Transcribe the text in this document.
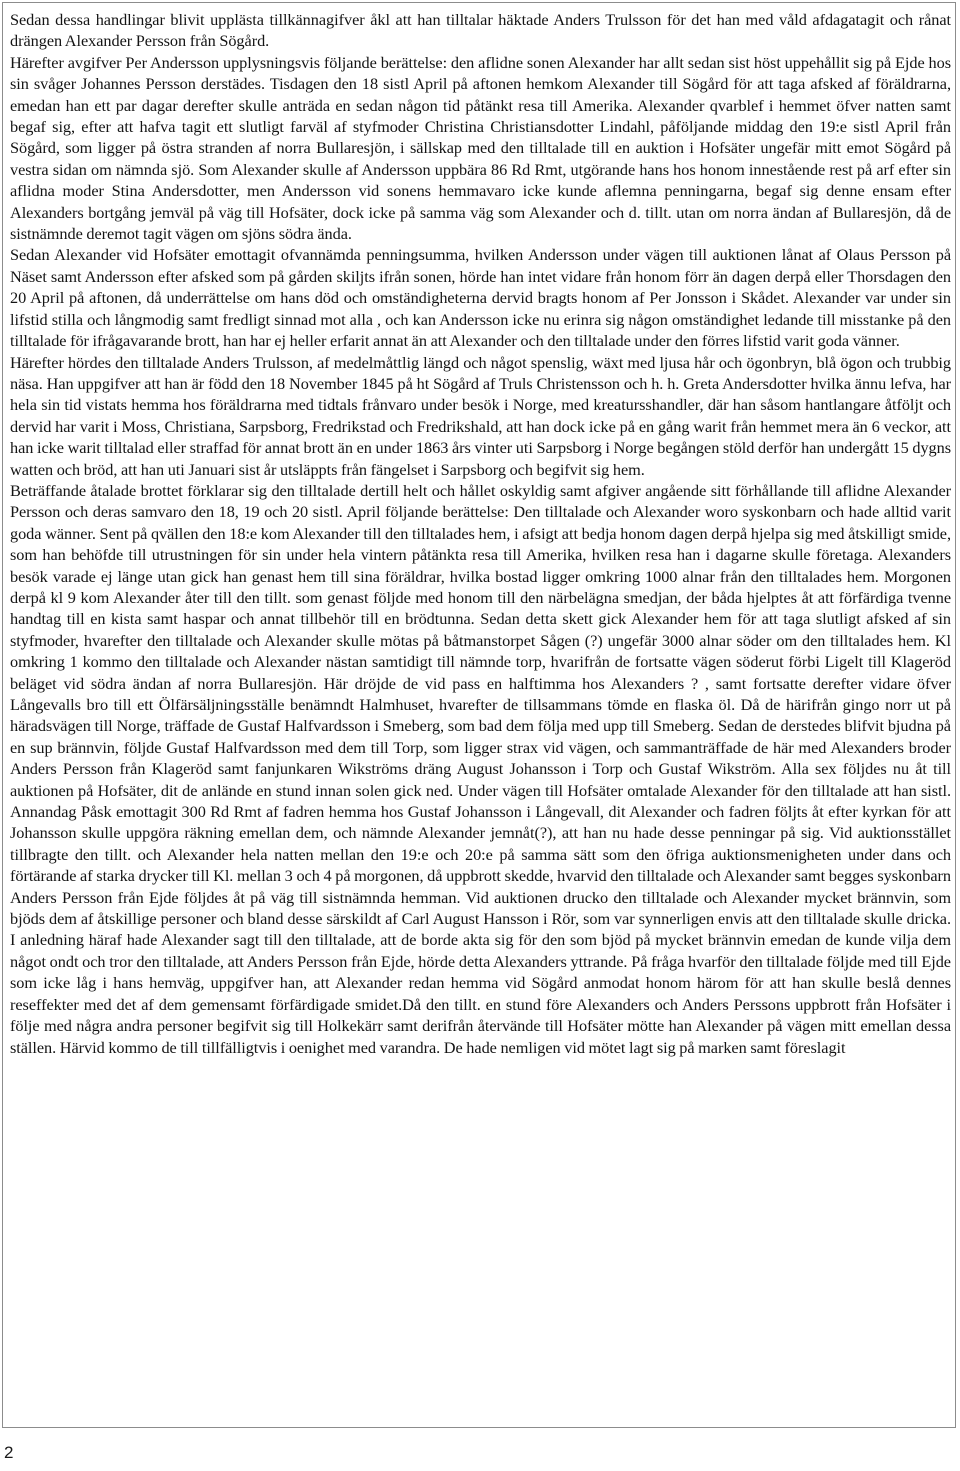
Sedan dessa handlingar blivit upplästa tillkännagifver åkl att han tilltalar häktade Anders Trulsson för det han med våld afdagatagit och rånat drängen Alexander Persson från Sögård.

Härefter avgifver Per Andersson upplysningsvis följande berättelse: den aflidne sonen Alexander har allt sedan sist höst uppehållit sig på Ejde hos sin svåger Johannes Persson derstädes. Tisdagen den 18 sistl April på aftonen hemkom Alexander till Sögård för att taga afsked af föräldrarna, emedan han ett par dagar derefter skulle anträda en sedan någon tid påtänkt resa till Amerika. Alexander qvarblef i hemmet öfver natten samt begaf sig, efter att hafva tagit ett slutligt farväl af styfmoder Christina Christiansdotter Lindahl, påföljande middag den 19:e sistl April från Sögård, som ligger på östra stranden af norra Bullaresjön, i sällskap med den tilltalade till en auktion i Hofsäter ungefär mitt emot Sögård på vestra sidan om nämnda sjö. Som Alexander skulle af Andersson uppbära 86 Rd Rmt, utgörande hans hos honom innestående rest på arf efter sin aflidna moder Stina Andersdotter, men Andersson vid sonens hemmavaro icke kunde aflemna penningarna, begaf sig denne ensam efter Alexanders bortgång jemväl på väg till Hofsäter, dock icke på samma väg som Alexander och d. tillt. utan om norra ändan af Bullaresjön, då de sistnämnde deremot tagit vägen om sjöns södra ända.

Sedan Alexander vid Hofsäter emottagit ofvannämda penningsumma, hvilken Andersson under vägen till auktionen lånat af Olaus Persson på Näset samt Andersson efter afsked som på gården skiljts ifrån sonen, hörde han intet vidare från honom förr än dagen derpå eller Thorsdagen den 20 April på aftonen, då underrättelse om hans död och omständigheterna dervid bragts honom af Per Jonsson i Skådet. Alexander var under sin lifstid stilla och långmodig samt fredligt sinnad mot alla , och kan Andersson icke nu erinra sig någon omständighet ledande till misstanke på den tilltalade för ifrågavarande brott, han har ej heller erfarit annat än att Alexander och den tilltalade under den förres lifstid varit goda vänner.

Härefter hördes den tilltalade Anders Trulsson, af medelmåttlig längd och något spenslig, wäxt med ljusa hår och ögonbryn, blå ögon och trubbig näsa. Han uppgifver att han är född den 18 November 1845 på ht Sögård af Truls Christensson och h. h. Greta Andersdotter hvilka ännu lefva, har hela sin tid vistats hemma hos föräldrarna med tidtals frånvaro under besök i Norge, med kreatursshandler, där han såsom hantlangare åtföljt och dervid har varit i Moss, Christiana, Sarpsborg, Fredrikstad och Fredrikshald, att han dock icke på en gång warit från hemmet mera än 6 veckor, att han icke warit tilltalad eller straffad för annat brott än en under 1863 års vinter uti Sarpsborg i Norge begången stöld derför han undergått 15 dygns watten och bröd, att han uti Januari sist år utsläppts från fängelset i Sarpsborg och begifvit sig hem.

Beträffande åtalade brottet förklarar sig den tilltalade dertill helt och hållet oskyldig samt afgiver angående sitt förhållande till aflidne Alexander Persson och deras samvaro den 18, 19 och 20 sistl. April följande berättelse: Den tilltalade och Alexander woro syskonbarn och hade alltid varit goda wänner. Sent på qvällen den 18:e kom Alexander till den tilltalades hem, i afsigt att bedja honom dagen derpå hjelpa sig med åtskilligt smide, som han behöfde till utrustningen för sin under hela vintern påtänkta resa till Amerika, hvilken resa han i dagarne skulle företaga. Alexanders besök varade ej länge utan gick han genast hem till sina föräldrar, hvilka bostad ligger omkring 1000 alnar från den tilltalades hem. Morgonen derpå kl 9 kom Alexander åter till den tillt. som genast följde med honom till den närbelägna smedjan, der båda hjelptes åt att förfärdiga tvenne handtag till en kista samt haspar och annat tillbehör till en brödtunna. Sedan detta skett gick Alexander hem för att taga slutligt afsked af sin styfmoder, hvarefter den tilltalade och Alexander skulle mötas på båtmanstorpet Sågen (?) ungefär 3000 alnar söder om den tilltalades hem. Kl omkring 1 kommo den tilltalade och Alexander nästan samtidigt till nämnde torp, hvarifrån de fortsatte vägen söderut förbi Ligelt till Klageröd beläget vid södra ändan af norra Bullaresjön. Här dröjde de vid pass en halftimma hos Alexanders ? , samt fortsatte derefter vidare öfver Långevalls bro till ett Ölfärsäljningsställe benämndt Halmhuset, hvarefter de tillsammans tömde en flaska öl. Då de härifrån gingo norr ut på häradsvägen till Norge, träffade de Gustaf Halfvardsson i Smeberg, som bad dem följa med upp till Smeberg. Sedan de derstedes blifvit bjudna på en sup brännvin, följde Gustaf Halfvardsson med dem till Torp, som ligger strax vid vägen, och sammanträffade de här med Alexanders broder Anders Persson från Klageröd samt fanjunkaren Wikströms dräng August Johansson i Torp och Gustaf Wikström. Alla sex följdes nu åt till auktionen på Hofsäter, dit de anlände en stund innan solen gick ned. Under vägen till Hofsäter omtalade Alexander för den tilltalade att han sistl. Annandag Påsk emottagit 300 Rd Rmt af fadren hemma hos Gustaf Johansson i Långevall, dit Alexander och fadren följts åt efter kyrkan för att Johansson skulle uppgöra räkning emellan dem, och nämnde Alexander jemnåt(?), att han nu hade desse penningar på sig. Vid auktionsstället tillbragte den tillt. och Alexander hela natten mellan den 19:e och 20:e på samma sätt som den öfriga auktionsmenigheten under dans och förtärande af starka drycker till Kl. mellan 3 och 4 på morgonen, då uppbrott skedde, hvarvid den tilltalade och Alexander samt begges syskonbarn Anders Persson från Ejde följdes åt på väg till sistnämnda hemman. Vid auktionen drucko den tilltalade och Alexander mycket brännvin, som bjöds dem af åtskillige personer och bland desse särskildt af Carl August Hansson i Rör, som var synnerligen envis att den tilltalade skulle dricka. I anledning häraf hade Alexander sagt till den tilltalade, att de borde akta sig för den som bjöd på mycket brännvin emedan de kunde vilja dem något ondt och tror den tilltalade, att Anders Persson från Ejde, hörde detta Alexanders yttrande. På fråga hvarför den tilltalade följde med till Ejde som icke låg i hans hemväg, uppgifver han, att Alexander redan hemma vid Sögård anmodat honom härom för att han skulle beslå dennes reseffekter med det af dem gemensamt förfärdigade smidet.Då den tillt. en stund före Alexanders och Anders Perssons uppbrott från Hofsäter i följe med några andra personer begifvit sig till Holkekärr samt derifrån återvände till Hofsäter mötte han Alexander på vägen mitt emellan dessa ställen. Härvid kommo de till tillfälligtvis i oenighet med varandra. De hade nemligen vid mötet lagt sig på marken samt föreslagit

2
